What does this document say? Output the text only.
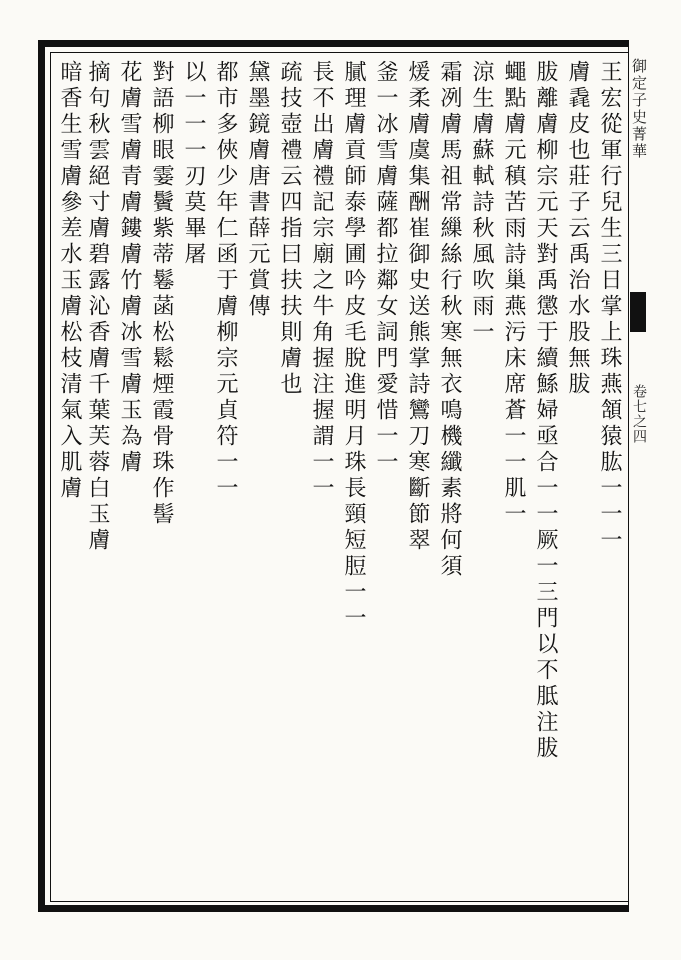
御定子史菁華
卷七之四
王宏從軍行兒生三日掌上珠燕頷猿肱一一一
膚毳皮也莊子云禹治水股無胈
胈離膚柳宗元天對禹懲于續鯀婦亟合一一厥一三門以不胝注胈
蠅點膚元稹苦雨詩巢燕污床席蒼一一肌一
涼生膚蘇軾詩秋風吹雨一
霜冽膚馬祖常繅絲行秋寒無衣鳴機纖素將何須
煖柔膚虞集酬崔御史送熊掌詩鸞刀寒斷節翠
釜一冰雪膚薩都拉鄰女詞門愛惜一一
膩理膚貢師泰學圃吟皮毛脫進明月珠長頸短脰一一
長不出膚禮記宗廟之牛角握注握謂一一
疏技壺禮云四指曰扶扶則膚也
黛墨鏡膚唐書薛元賞傳
都市多俠少年仁函于膚柳宗元貞符一一
以一一一刃莫畢屠
對語柳眼霎鬢紫蒂鬈菡松鬆煙霞骨珠作髻
花膚雪膚青膚鏤膚竹膚冰雪膚玉為膚
摘句秋雲絕寸膚碧露沁香膚千葉芙蓉白玉膚
暗香生雪膚參差水玉膚松枝清氣入肌膚
